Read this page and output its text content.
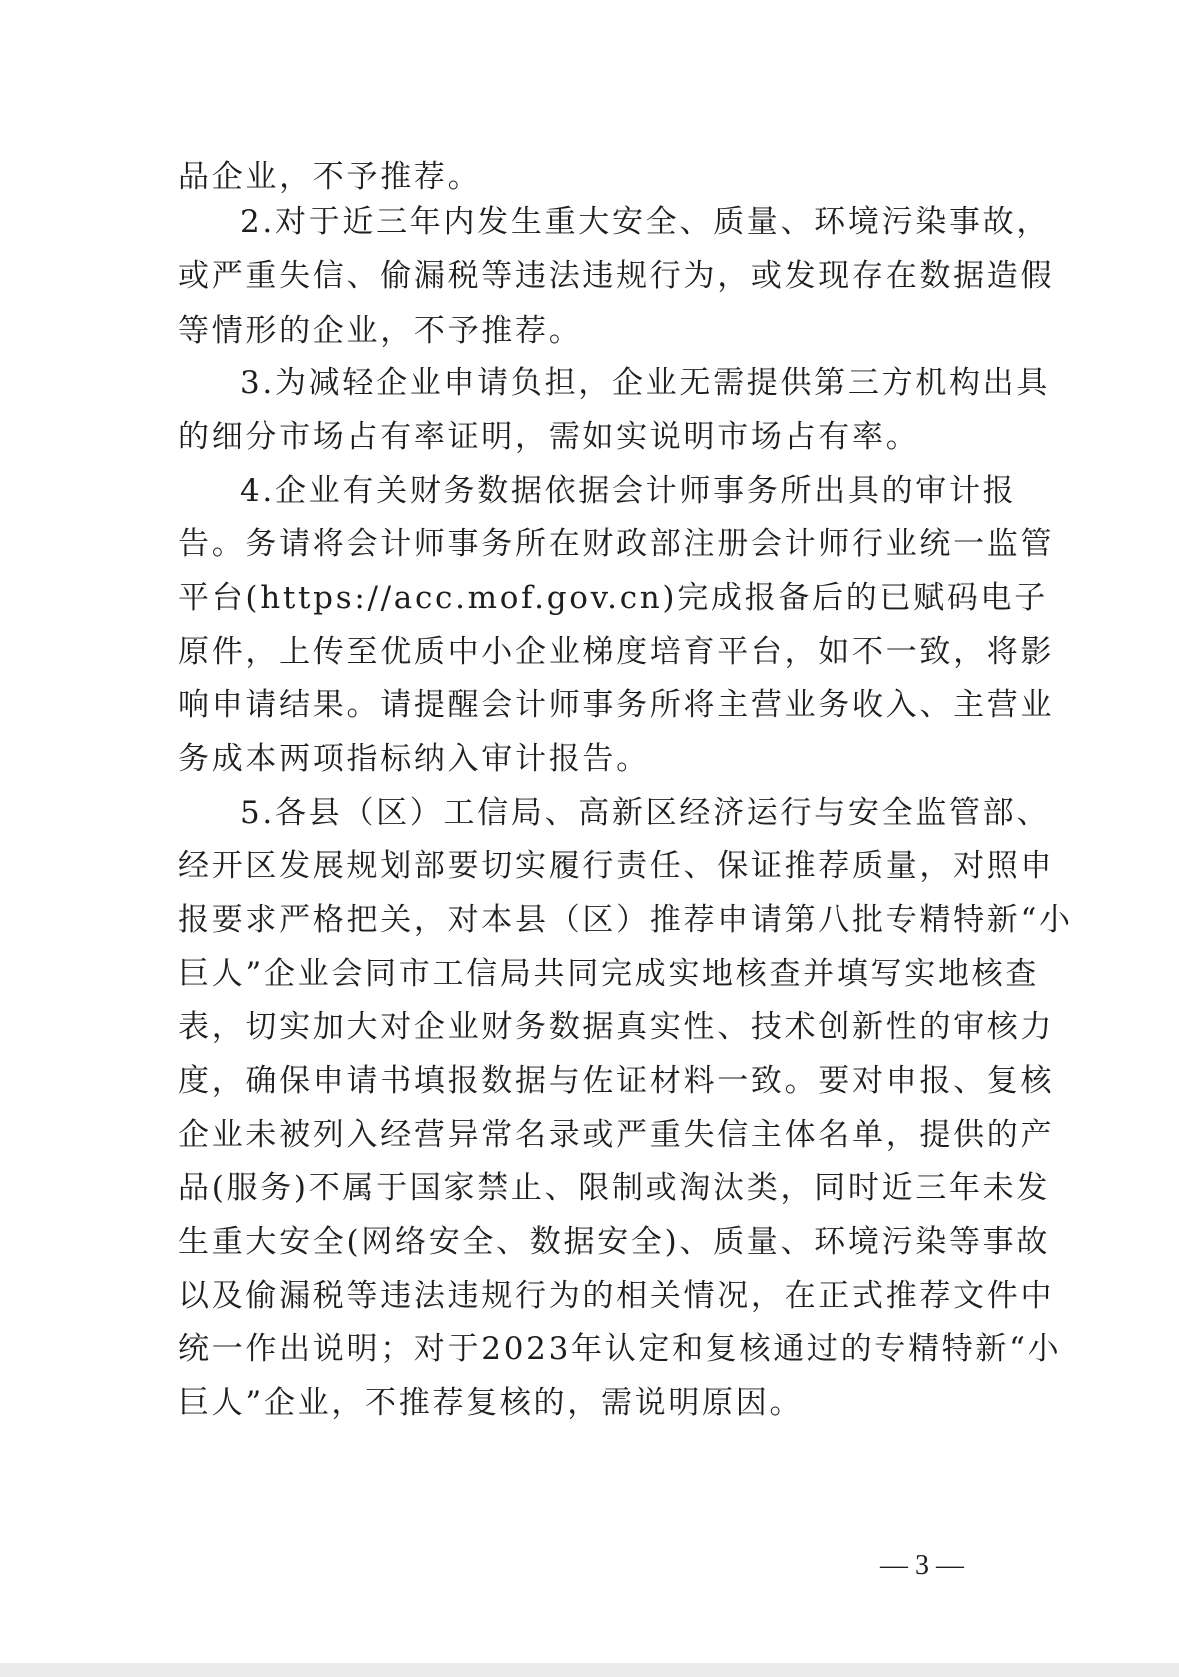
品企业，不予推荐。
2.对于近三年内发生重大安全、质量、环境污染事故，
或严重失信、偷漏税等违法违规行为，或发现存在数据造假
等情形的企业，不予推荐。
3.为减轻企业申请负担，企业无需提供第三方机构出具
的细分市场占有率证明，需如实说明市场占有率。
4.企业有关财务数据依据会计师事务所出具的审计报
告。务请将会计师事务所在财政部注册会计师行业统一监管
平台(https://acc.mof.gov.cn)完成报备后的已赋码电子
原件，上传至优质中小企业梯度培育平台，如不一致，将影
响申请结果。请提醒会计师事务所将主营业务收入、主营业
务成本两项指标纳入审计报告。
5.各县（区）工信局、高新区经济运行与安全监管部、
经开区发展规划部要切实履行责任、保证推荐质量，对照申
报要求严格把关，对本县（区）推荐申请第八批专精特新“小
巨人”企业会同市工信局共同完成实地核查并填写实地核查
表，切实加大对企业财务数据真实性、技术创新性的审核力
度，确保申请书填报数据与佐证材料一致。要对申报、复核
企业未被列入经营异常名录或严重失信主体名单，提供的产
品(服务)不属于国家禁止、限制或淘汰类，同时近三年未发
生重大安全(网络安全、数据安全)、质量、环境污染等事故
以及偷漏税等违法违规行为的相关情况，在正式推荐文件中
统一作出说明；对于2023年认定和复核通过的专精特新“小
巨人”企业，不推荐复核的，需说明原因。
— 3 —
